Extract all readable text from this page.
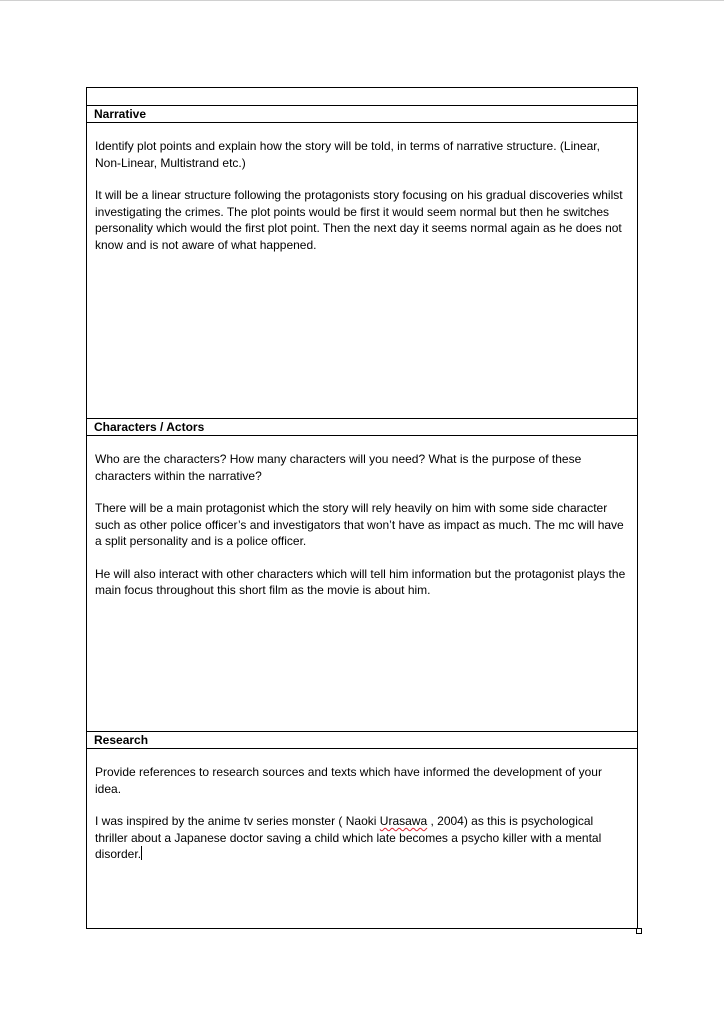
Narrative

Identify plot points and explain how the story will be told, in terms of narrative structure. (Linear, Non-Linear, Multistrand etc.)

It will be a linear structure following the protagonists story focusing on his gradual discoveries whilst investigating the crimes. The plot points would be first it would seem normal but then he switches personality which would the first plot point. Then the next day it seems normal again as he does not know and is not aware of what happened.

Characters / Actors

Who are the characters? How many characters will you need? What is the purpose of these characters within the narrative?

There will be a main protagonist which the story will rely heavily on him with some side character such as other police officer’s and investigators that won’t have as impact as much. The mc will have a split personality and is a police officer.

He will also interact with other characters which will tell him information but the protagonist plays the main focus throughout this short film as the movie is about him.

Research

Provide references to research sources and texts which have informed the development of your idea.

I was inspired by the anime tv series monster ( Naoki Urasawa , 2004) as this is psychological thriller about a Japanese doctor saving a child which late becomes a psycho killer with a mental disorder.
